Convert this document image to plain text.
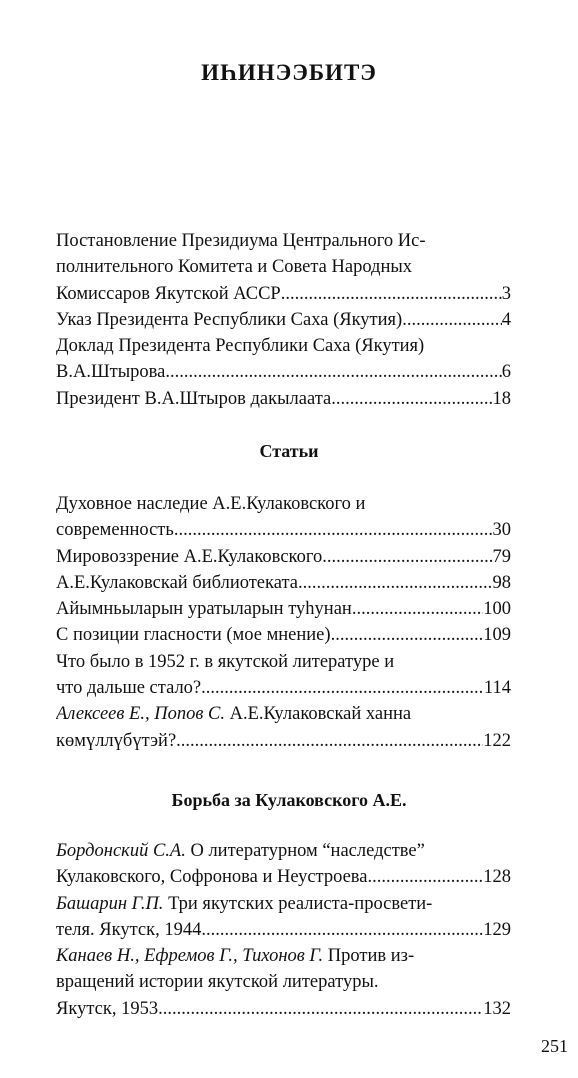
ИҺИНЭЭБИТЭ
Постановление Президиума Центрального Ис-
полнительного Комитета и Совета Народных
Комиссаров Якутской АССР .....	3
Указ Президента Республики Саха (Якутия) .....	4
Доклад Президента Республики Саха (Якутия)
В.А.Штырова .....	6
Президент В.А.Штыров дакылаата .....	18
Статьи
Духовное наследие А.Е.Кулаковского и
современность .....	30
Мировоззрение А.Е.Кулаковского .....	79
А.Е.Кулаковскай библиотеката .....	98
Айымньыларын уратыларын туһунан .....	100
С позиции гласности (мое мнение) .....	109
Что было в 1952 г. в якутской литературе и
что дальше стало? .....	114
Алексеев Е., Попов С. А.Е.Кулаковскай ханна
көмүллүбүтэй? .....	122
Борьба за Кулаковского А.Е.
Бордонский С.А. О литературном “наследстве”
Кулаковского, Софронова и Неустроева .....	128
Башарин Г.П. Три якутских реалиста-просвети-
теля. Якутск, 1944 .....	129
Канаев Н., Ефремов Г., Тихонов Г. Против из-
вращений истории якутской литературы.
Якутск, 1953 .....	132
251
